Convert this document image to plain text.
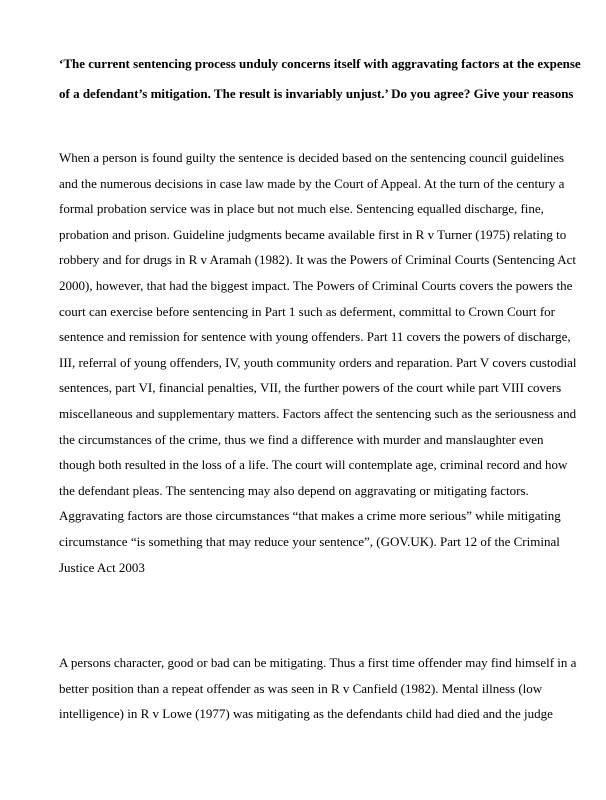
‘The current sentencing process unduly concerns itself with aggravating factors at the expense
of a defendant’s mitigation. The result is invariably unjust.’ Do you agree? Give your reasons
When a person is found guilty the sentence is decided based on the sentencing council guidelines
and the numerous decisions in case law made by the Court of Appeal. At the turn of the century a
formal probation service was in place but not much else. Sentencing equalled discharge, fine,
probation and prison. Guideline judgments became available first in R v Turner (1975) relating to
robbery and for drugs in R v Aramah (1982). It was the Powers of Criminal Courts (Sentencing Act
2000), however, that had the biggest impact. The Powers of Criminal Courts covers the powers the
court can exercise before sentencing in Part 1 such as deferment, committal to Crown Court for
sentence and remission for sentence with young offenders. Part 11 covers the powers of discharge,
III, referral of young offenders, IV, youth community orders and reparation. Part V covers custodial
sentences, part VI, financial penalties, VII, the further powers of the court while part VIII covers
miscellaneous and supplementary matters. Factors affect the sentencing such as the seriousness and
the circumstances of the crime, thus we find a difference with murder and manslaughter even
though both resulted in the loss of a life. The court will contemplate age, criminal record and how
the defendant pleas. The sentencing may also depend on aggravating or mitigating factors.
Aggravating factors are those circumstances “that makes a crime more serious” while mitigating
circumstance “is something that may reduce your sentence”, (GOV.UK). Part 12 of the Criminal
Justice Act 2003
A persons character, good or bad can be mitigating. Thus a first time offender may find himself in a
better position than a repeat offender as was seen in R v Canfield (1982). Mental illness (low
intelligence) in R v Lowe (1977) was mitigating as the defendants child had died and the judge
